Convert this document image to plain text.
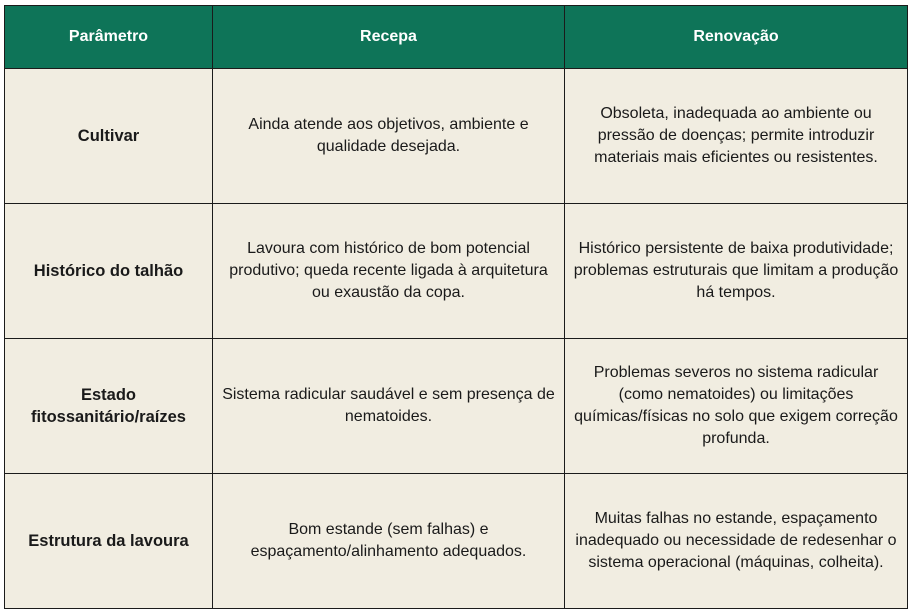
Parâmetro	Recepa	Renovação
Cultivar	Ainda atende aos objetivos, ambiente e qualidade desejada.	Obsoleta, inadequada ao ambiente ou pressão de doenças; permite introduzir materiais mais eficientes ou resistentes.
Histórico do talhão	Lavoura com histórico de bom potencial produtivo; queda recente ligada à arquitetura ou exaustão da copa.	Histórico persistente de baixa produtividade; problemas estruturais que limitam a produção há tempos.
Estado fitossanitário/raízes	Sistema radicular saudável e sem presença de nematoides.	Problemas severos no sistema radicular (como nematoides) ou limitações químicas/físicas no solo que exigem correção profunda.
Estrutura da lavoura	Bom estande (sem falhas) e espaçamento/alinhamento adequados.	Muitas falhas no estande, espaçamento inadequado ou necessidade de redesenhar o sistema operacional (máquinas, colheita).
